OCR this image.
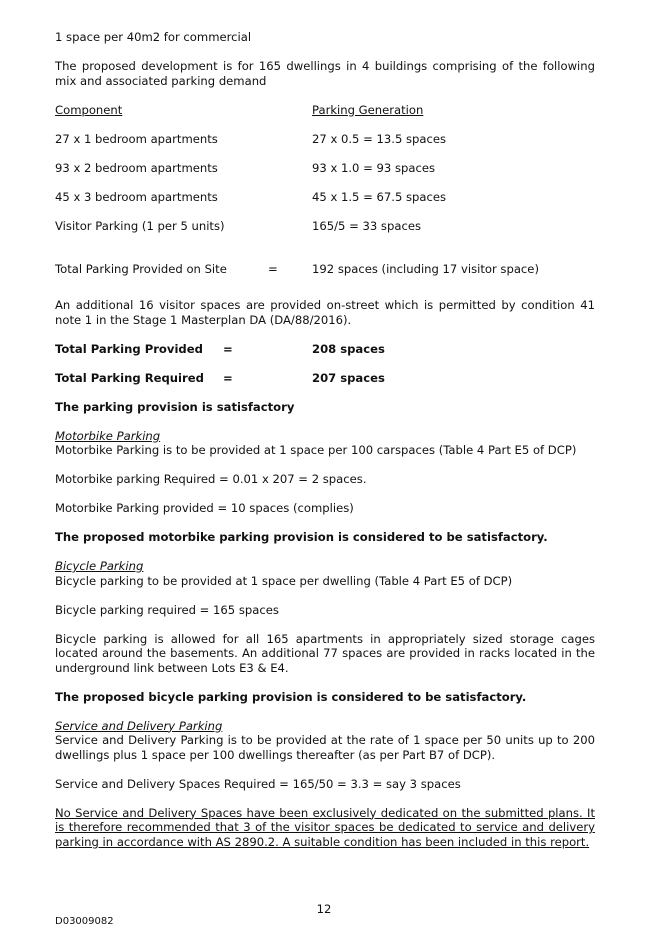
1 space per 40m2 for commercial

The proposed development is for 165 dwellings in 4 buildings comprising of the following mix and associated parking demand

Component	Parking Generation
27 x 1 bedroom apartments	27 x 0.5 = 13.5 spaces
93 x 2 bedroom apartments	93 x 1.0 = 93 spaces
45 x 3 bedroom apartments	45 x 1.5 = 67.5 spaces
Visitor Parking (1 per 5 units)	165/5 = 33 spaces
Total Parking Provided on Site	=	192 spaces (including 17 visitor space)

An additional 16 visitor spaces are provided on-street which is permitted by condition 41 note 1 in the Stage 1 Masterplan DA (DA/88/2016).

Total Parking Provided =	208 spaces
Total Parking Required =	207 spaces

The parking provision is satisfactory

Motorbike Parking

Motorbike Parking is to be provided at 1 space per 100 carspaces (Table 4 Part E5 of DCP)

Motorbike parking Required = 0.01 x 207 = 2 spaces.

Motorbike Parking provided = 10 spaces (complies)

The proposed motorbike parking provision is considered to be satisfactory.

Bicycle Parking

Bicycle parking to be provided at 1 space per dwelling (Table 4 Part E5 of DCP)

Bicycle parking required = 165 spaces

Bicycle parking is allowed for all 165 apartments in appropriately sized storage cages located around the basements. An additional 77 spaces are provided in racks located in the underground link between Lots E3 & E4.

The proposed bicycle parking provision is considered to be satisfactory.

Service and Delivery Parking

Service and Delivery Parking is to be provided at the rate of 1 space per 50 units up to 200 dwellings plus 1 space per 100 dwellings thereafter (as per Part B7 of DCP).

Service and Delivery Spaces Required = 165/50 = 3.3 = say 3 spaces

No Service and Delivery Spaces have been exclusively dedicated on the submitted plans. It is therefore recommended that 3 of the visitor spaces be dedicated to service and delivery parking in accordance with AS 2890.2. A suitable condition has been included in this report.

12
D03009082
